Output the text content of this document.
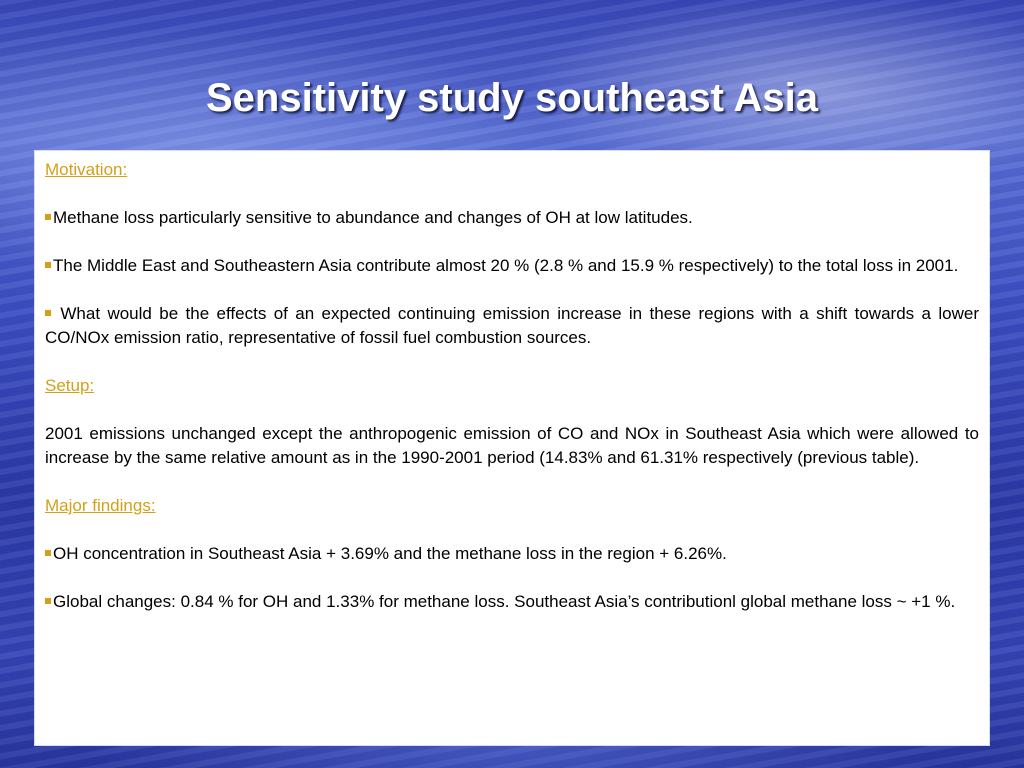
Sensitivity study southeast Asia

Motivation:

Methane loss particularly sensitive to abundance and changes of OH at low latitudes.

The Middle East and Southeastern Asia contribute almost 20 % (2.8 % and 15.9 % respectively) to the total loss in 2001.

What would be the effects of an expected continuing emission increase in these regions with a shift towards a lower CO/NOx emission ratio, representative of fossil fuel combustion sources.

Setup:

2001 emissions unchanged except the anthropogenic emission of CO and NOx in Southeast Asia which were allowed to increase by the same relative amount as in the 1990-2001 period (14.83% and 61.31% respectively (previous table).

Major findings:

OH concentration in Southeast Asia + 3.69% and the methane loss in the region + 6.26%.

Global changes: 0.84 % for OH and 1.33% for methane loss. Southeast Asia’s contributionl global methane loss ~ +1 %.
